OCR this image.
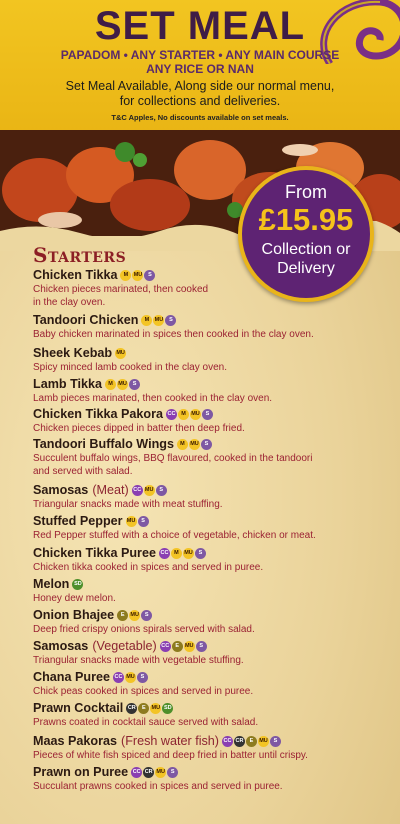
SET MEAL
PAPADOM • ANY STARTER • ANY MAIN COURSE
ANY RICE OR NAN
Set Meal Available, Along side our normal menu,
for collections and deliveries.
T&C Apples, No discounts available on set meals.
From
£15.95
Collection or
Delivery
Starters
Chicken Tikka	M MU	S
Chicken pieces marinated, then cooked
in the clay oven.
Tandoori Chicken	M MU	S
Baby chicken marinated in spices then cooked in the clay oven.
Sheek Kebab MU
Spicy minced lamb cooked in the clay oven.
Lamb Tikka	M MU	S
Lamb pieces marinated, then cooked in the clay oven.
Chicken Tikka Pakora CC	M MU	S
Chicken pieces dipped in batter then deep fried.
Tandoori Buffalo Wings	M MU	S
Succulent buffalo wings, BBQ flavoured, cooked in the tandoori
and served with salad.
Samosas (Meat) CC MU	S
Triangular snacks made with meat stuffing.
Stuffed Pepper MU	S
Red Pepper stuffed with a choice of vegetable, chicken or meat.
Chicken Tikka Puree CC	M MU	S
Chicken tikka cooked in spices and served in puree.
Melon SD
Honey dew melon.
Onion Bhajee	E	MU	S
Deep fried crispy onions spirals served with salad.
Samosas (Vegetable) CC	E	MU	S
Triangular snacks made with vegetable stuffing.
Chana Puree CC MU	S
Chick peas cooked in spices and served in puree.
Prawn Cocktail CR	E	MU SD
Prawns coated in cocktail sauce served with salad.
Maas Pakoras (Fresh water fish) CC CR	E	MU	S
Pieces of white fish spiced and deep fried in batter until crispy.
Prawn on Puree CC CR MU	S
Succulant prawns cooked in spices and served in puree.
